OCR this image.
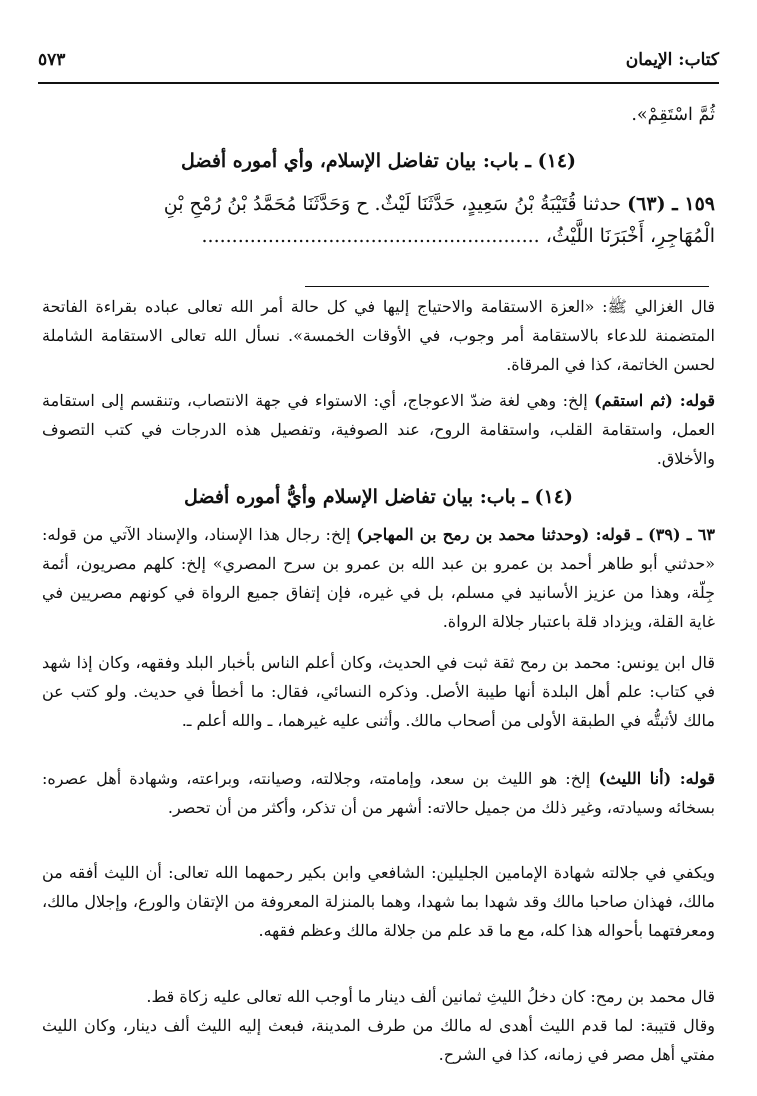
كتاب: الإيمان
٥٧٣
ثُمَّ اسْتَقِمْ».
(١٤) ـ باب: بيان تفاضل الإسلام، وأي أموره أفضل
١٥٩ ـ (٦٣) حدثنا قُتَيْبَةُ بْنُ سَعِيدٍ، حَدَّثَنَا لَيْثٌ. ح وَحَدَّثَنَا مُحَمَّدُ بْنُ رُمْحِ بْنِ
الْمُهَاجِرِ، أَخْبَرَنَا اللَّيْثُ، ........................................................
قال الغزالي ﷺ: «العزة الاستقامة والاحتياج إليها في كل حالة أمر الله تعالى عباده بقراءة الفاتحة المتضمنة للدعاء بالاستقامة أمر وجوب، في الأوقات الخمسة». نسأل الله تعالى الاستقامة الشاملة لحسن الخاتمة، كذا في المرقاة.
قوله: (ثم استقم) إلخ: وهي لغة ضدّ الاعوجاج، أي: الاستواء في جهة الانتصاب، وتنقسم إلى استقامة العمل، واستقامة القلب، واستقامة الروح، عند الصوفية، وتفصيل هذه الدرجات في كتب التصوف والأخلاق.
(١٤) ـ باب: بيان تفاضل الإسلام وأيُّ أموره أفضل
٦٣ ـ (٣٩) ـ قوله: (وحدثنا محمد بن رمح بن المهاجر) إلخ: رجال هذا الإسناد، والإسناد الآتي من قوله: «حدثني أبو طاهر أحمد بن عمرو بن عبد الله بن عمرو بن سرح المصري» إلخ: كلهم مصريون، أئمة جِلّة، وهذا من عزيز الأسانيد في مسلم، بل في غيره، فإن إتفاق جميع الرواة في كونهم مصريين في غاية القلة، ويزداد قلة باعتبار جلالة الرواة.
قال ابن يونس: محمد بن رمح ثقة ثبت في الحديث، وكان أعلم الناس بأخبار البلد وفقهه، وكان إذا شهد في كتاب: علم أهل البلدة أنها طيبة الأصل. وذكره النسائي، فقال: ما أخطأ في حديث. ولو كتب عن مالك لأثبتُّه في الطبقة الأولى من أصحاب مالك. وأثنى عليه غيرهما، ـ والله أعلم ـ.
قوله: (أنا الليث) إلخ: هو الليث بن سعد، وإمامته، وجلالته، وصيانته، وبراعته، وشهادة أهل عصره: بسخائه وسيادته، وغير ذلك من جميل حالاته: أشهر من أن تذكر، وأكثر من أن تحصر.
ويكفي في جلالته شهادة الإمامين الجليلين: الشافعي وابن بكير رحمهما الله تعالى: أن الليث أفقه من مالك، فهذان صاحبا مالك وقد شهدا بما شهدا، وهما بالمنزلة المعروفة من الإتقان والورع، وإجلال مالك، ومعرفتهما بأحواله هذا كله، مع ما قد علم من جلالة مالك وعظم فقهه.
قال محمد بن رمح: كان دخلُ الليثِ ثمانين ألف دينار ما أوجب الله تعالى عليه زكاة قط.
وقال قتيبة: لما قدم الليث أهدى له مالك من طرف المدينة، فبعث إليه الليث ألف دينار، وكان الليث مفتي أهل مصر في زمانه، كذا في الشرح.
